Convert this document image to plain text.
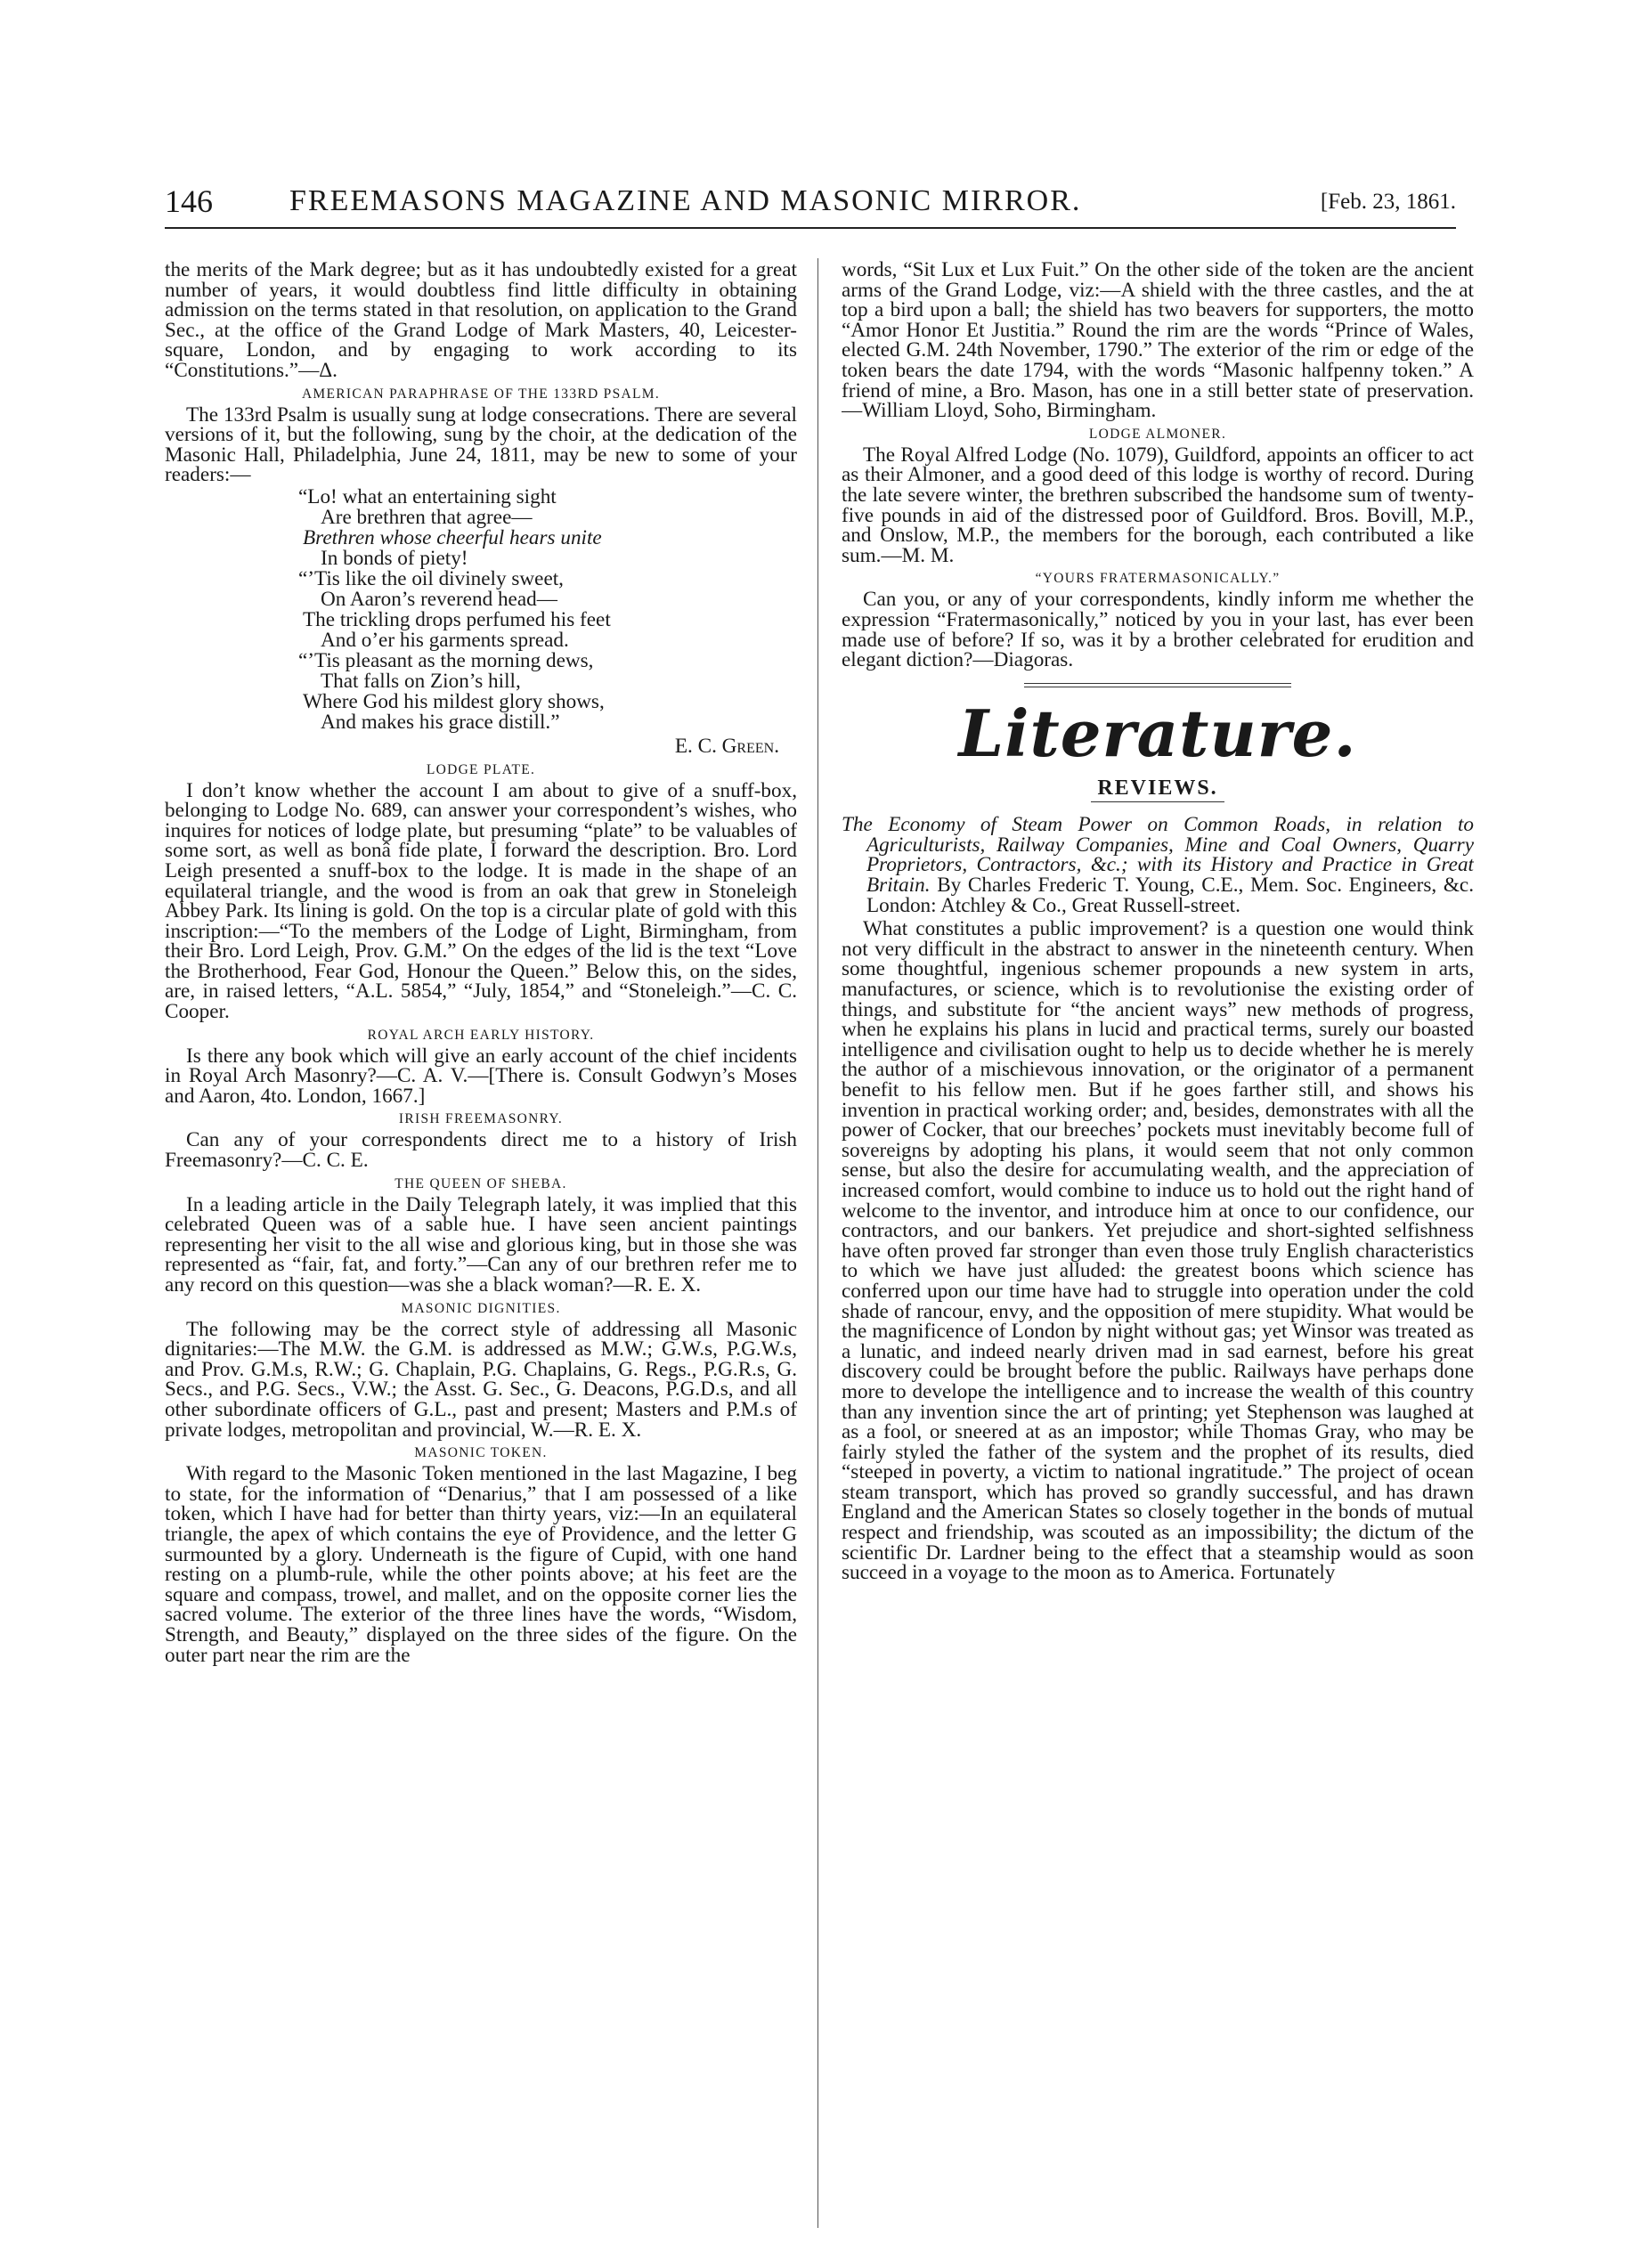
146	FREEMASONS MAGAZINE AND MASONIC MIRROR.	[Feb. 23, 1861.

the merits of the Mark degree; but as it has undoubtedly existed for a great number of years, it would doubtless find little difficulty in obtaining admission on the terms stated in that resolution, on application to the Grand Sec., at the office of the Grand Lodge of Mark Masters, 40, Leicester-square, London, and by engaging to work according to its “Constitutions.”—Δ.

AMERICAN PARAPHRASE OF THE 133RD PSALM.

The 133rd Psalm is usually sung at lodge consecrations. There are several versions of it, but the following, sung by the choir, at the dedication of the Masonic Hall, Philadelphia, June 24, 1811, may be new to some of your readers:—

“Lo! what an entertaining sight
Are brethren that agree—
Brethren whose cheerful hears unite
In bonds of piety!
“’Tis like the oil divinely sweet,
On Aaron’s reverend head—
The trickling drops perfumed his feet
And o’er his garments spread.
“’Tis pleasant as the morning dews,
That falls on Zion’s hill,
Where God his mildest glory shows,
And makes his grace distill.”
E. C. Green.
LODGE PLATE.

I don’t know whether the account I am about to give of a snuff-box, belonging to Lodge No. 689, can answer your correspondent’s wishes, who inquires for notices of lodge plate, but presuming “plate” to be valuables of some sort, as well as bonâ fide plate, I forward the description. Bro. Lord Leigh presented a snuff-box to the lodge. It is made in the shape of an equilateral triangle, and the wood is from an oak that grew in Stoneleigh Abbey Park. Its lining is gold. On the top is a circular plate of gold with this inscription:—“To the members of the Lodge of Light, Birmingham, from their Bro. Lord Leigh, Prov. G.M.” On the edges of the lid is the text “Love the Brotherhood, Fear God, Honour the Queen.” Below this, on the sides, are, in raised letters, “A.L. 5854,” “July, 1854,” and “Stoneleigh.”—C. C. Cooper.

ROYAL ARCH EARLY HISTORY.

Is there any book which will give an early account of the chief incidents in Royal Arch Masonry?—C. A. V.—[There is. Consult Godwyn’s Moses and Aaron, 4to. London, 1667.]

IRISH FREEMASONRY.

Can any of your correspondents direct me to a history of Irish Freemasonry?—C. C. E.

THE QUEEN OF SHEBA.

In a leading article in the Daily Telegraph lately, it was implied that this celebrated Queen was of a sable hue. I have seen ancient paintings representing her visit to the all wise and glorious king, but in those she was represented as “fair, fat, and forty.”—Can any of our brethren refer me to any record on this question—was she a black woman?—R. E. X.

MASONIC DIGNITIES.

The following may be the correct style of addressing all Masonic dignitaries:—The M.W. the G.M. is addressed as M.W.; G.W.s, P.G.W.s, and Prov. G.M.s, R.W.; G. Chaplain, P.G. Chaplains, G. Regs., P.G.R.s, G. Secs., and P.G. Secs., V.W.; the Asst. G. Sec., G. Deacons, P.G.D.s, and all other subordinate officers of G.L., past and present; Masters and P.M.s of private lodges, metropolitan and provincial, W.—R. E. X.

MASONIC TOKEN.

With regard to the Masonic Token mentioned in the last Magazine, I beg to state, for the information of “Denarius,” that I am possessed of a like token, which I have had for better than thirty years, viz:—In an equilateral triangle, the apex of which contains the eye of Providence, and the letter G surmounted by a glory. Underneath is the figure of Cupid, with one hand resting on a plumb-rule, while the other points above; at his feet are the square and compass, trowel, and mallet, and on the opposite corner lies the sacred volume. The exterior of the three lines have the words, “Wisdom, Strength, and Beauty,” displayed on the three sides of the figure. On the outer part near the rim are the

words, “Sit Lux et Lux Fuit.” On the other side of the token are the ancient arms of the Grand Lodge, viz:—A shield with the three castles, and the at top a bird upon a ball; the shield has two beavers for supporters, the motto “Amor Honor Et Justitia.” Round the rim are the words “Prince of Wales, elected G.M. 24th November, 1790.” The exterior of the rim or edge of the token bears the date 1794, with the words “Masonic halfpenny token.” A friend of mine, a Bro. Mason, has one in a still better state of preservation.—William Lloyd, Soho, Birmingham.

LODGE ALMONER.

The Royal Alfred Lodge (No. 1079), Guildford, appoints an officer to act as their Almoner, and a good deed of this lodge is worthy of record. During the late severe winter, the brethren subscribed the handsome sum of twenty-five pounds in aid of the distressed poor of Guildford. Bros. Bovill, M.P., and Onslow, M.P., the members for the borough, each contributed a like sum.—M. M.

“YOURS FRATERMASONICALLY.”

Can you, or any of your correspondents, kindly inform me whether the expression “Fratermasonically,” noticed by you in your last, has ever been made use of before? If so, was it by a brother celebrated for erudition and elegant diction?—Diagoras.

Literature.
REVIEWS.

The Economy of Steam Power on Common Roads, in relation to Agriculturists, Railway Companies, Mine and Coal Owners, Quarry Proprietors, Contractors, &c.; with its History and Practice in Great Britain. By Charles Frederic T. Young, C.E., Mem. Soc. Engineers, &c. London: Atchley & Co., Great Russell-street.

What constitutes a public improvement? is a question one would think not very difficult in the abstract to answer in the nineteenth century. When some thoughtful, ingenious schemer propounds a new system in arts, manufactures, or science, which is to revolutionise the existing order of things, and substitute for “the ancient ways” new methods of progress, when he explains his plans in lucid and practical terms, surely our boasted intelligence and civilisation ought to help us to decide whether he is merely the author of a mischievous innovation, or the originator of a permanent benefit to his fellow men. But if he goes farther still, and shows his invention in practical working order; and, besides, demonstrates with all the power of Cocker, that our breeches’ pockets must inevitably become full of sovereigns by adopting his plans, it would seem that not only common sense, but also the desire for accumulating wealth, and the appreciation of increased comfort, would combine to induce us to hold out the right hand of welcome to the inventor, and introduce him at once to our confidence, our contractors, and our bankers. Yet prejudice and short-sighted selfishness have often proved far stronger than even those truly English characteristics to which we have just alluded: the greatest boons which science has conferred upon our time have had to struggle into operation under the cold shade of rancour, envy, and the opposition of mere stupidity. What would be the magnificence of London by night without gas; yet Winsor was treated as a lunatic, and indeed nearly driven mad in sad earnest, before his great discovery could be brought before the public. Railways have perhaps done more to develope the intelligence and to increase the wealth of this country than any invention since the art of printing; yet Stephenson was laughed at as a fool, or sneered at as an impostor; while Thomas Gray, who may be fairly styled the father of the system and the prophet of its results, died “steeped in poverty, a victim to national ingratitude.” The project of ocean steam transport, which has proved so grandly successful, and has drawn England and the American States so closely together in the bonds of mutual respect and friendship, was scouted as an impossibility; the dictum of the scientific Dr. Lardner being to the effect that a steamship would as soon succeed in a voyage to the moon as to America. Fortunately
